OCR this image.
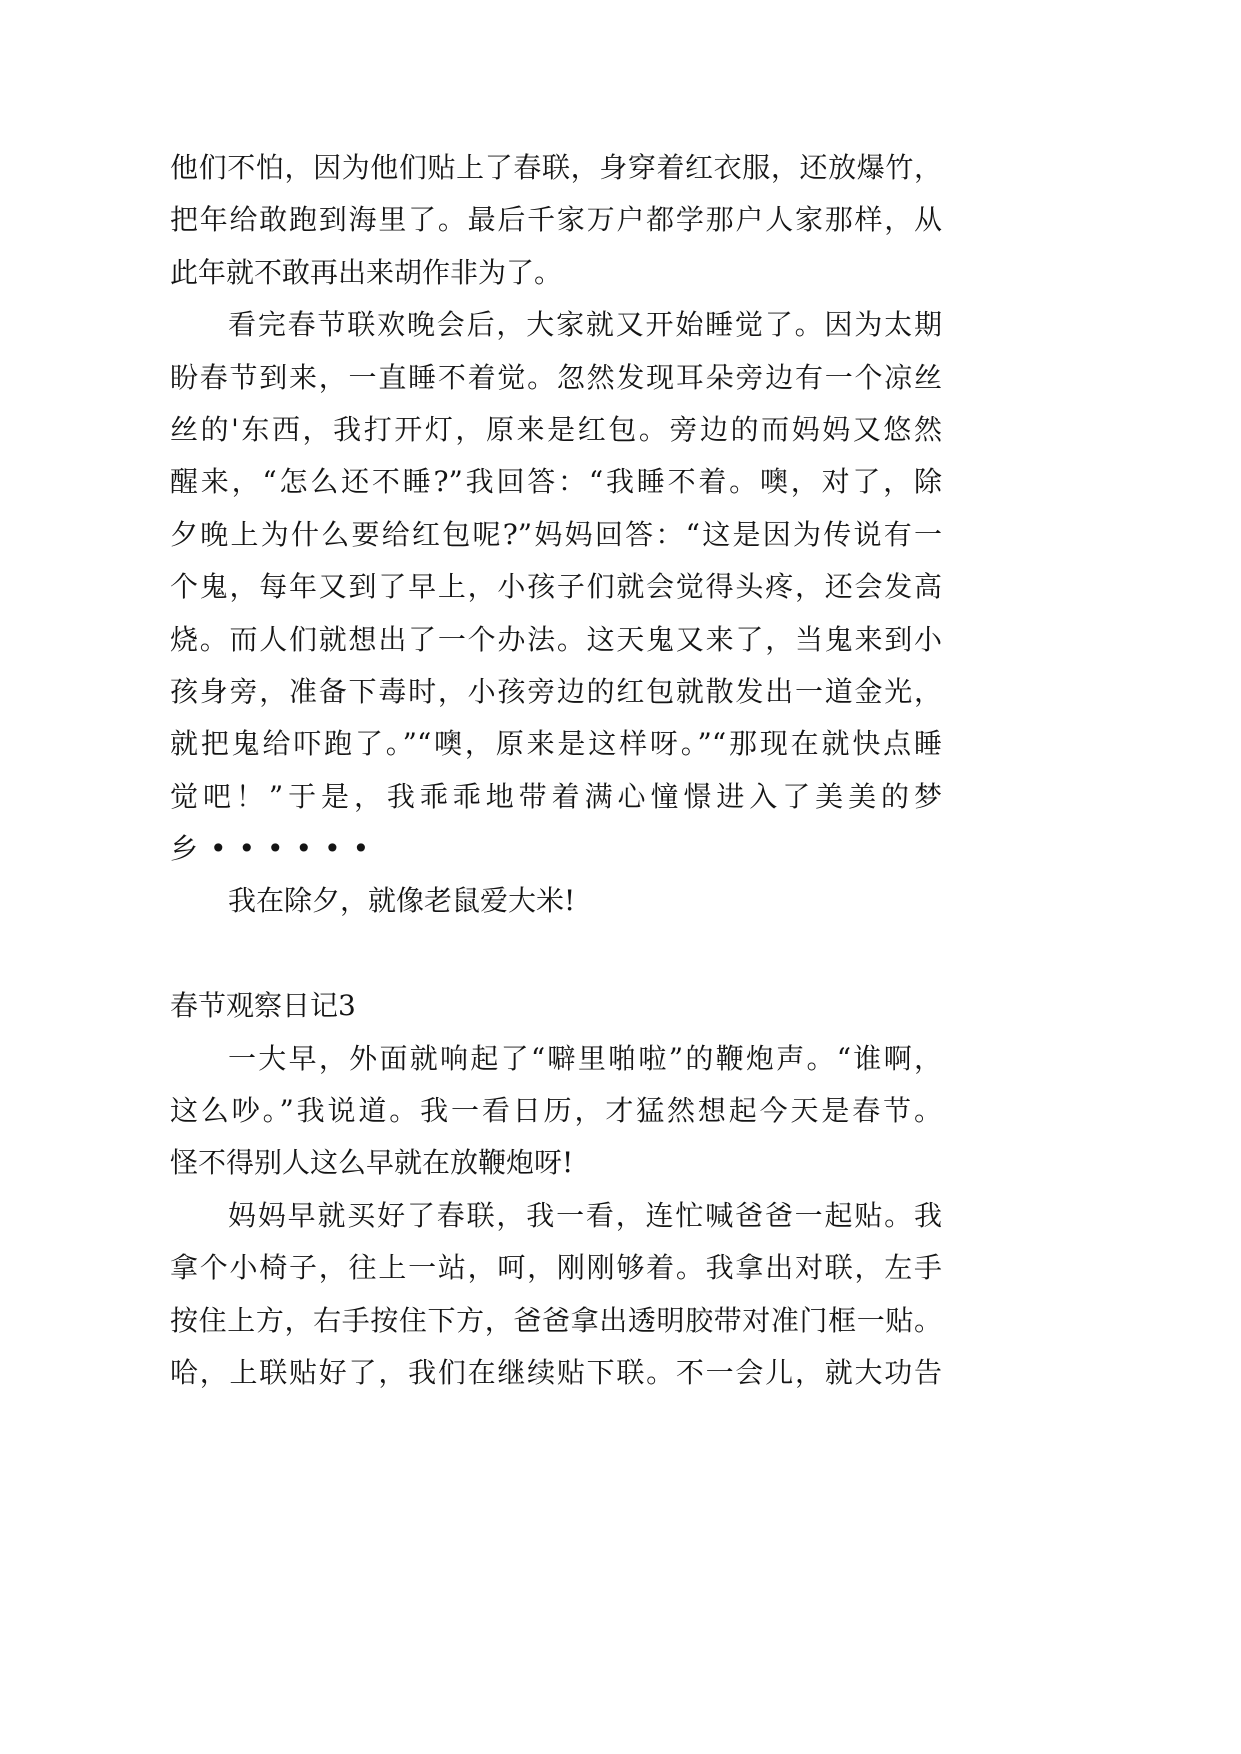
他们不怕，因为他们贴上了春联，身穿着红衣服，还放爆竹，
把年给敢跑到海里了。最后千家万户都学那户人家那样，从
此年就不敢再出来胡作非为了。
看完春节联欢晚会后，大家就又开始睡觉了。因为太期
盼春节到来，一直睡不着觉。忽然发现耳朵旁边有一个凉丝
丝的'东西，我打开灯，原来是红包。旁边的而妈妈又悠然
醒来，“怎么还不睡?”我回答：“我睡不着。噢，对了，除
夕晚上为什么要给红包呢?”妈妈回答：“这是因为传说有一
个鬼，每年又到了早上，小孩子们就会觉得头疼，还会发高
烧。而人们就想出了一个办法。这天鬼又来了，当鬼来到小
孩身旁，准备下毒时，小孩旁边的红包就散发出一道金光，
就把鬼给吓跑了。”“噢，原来是这样呀。”“那现在就快点睡
觉吧！”于是，我乖乖地带着满心憧憬进入了美美的梦
乡••••••
我在除夕，就像老鼠爱大米!
春节观察日记3
一大早，外面就响起了“噼里啪啦”的鞭炮声。“谁啊，
这么吵。”我说道。我一看日历，才猛然想起今天是春节。
怪不得别人这么早就在放鞭炮呀!
妈妈早就买好了春联，我一看，连忙喊爸爸一起贴。我
拿个小椅子，往上一站，呵，刚刚够着。我拿出对联，左手
按住上方，右手按住下方，爸爸拿出透明胶带对准门框一贴。
哈，上联贴好了，我们在继续贴下联。不一会儿，就大功告
